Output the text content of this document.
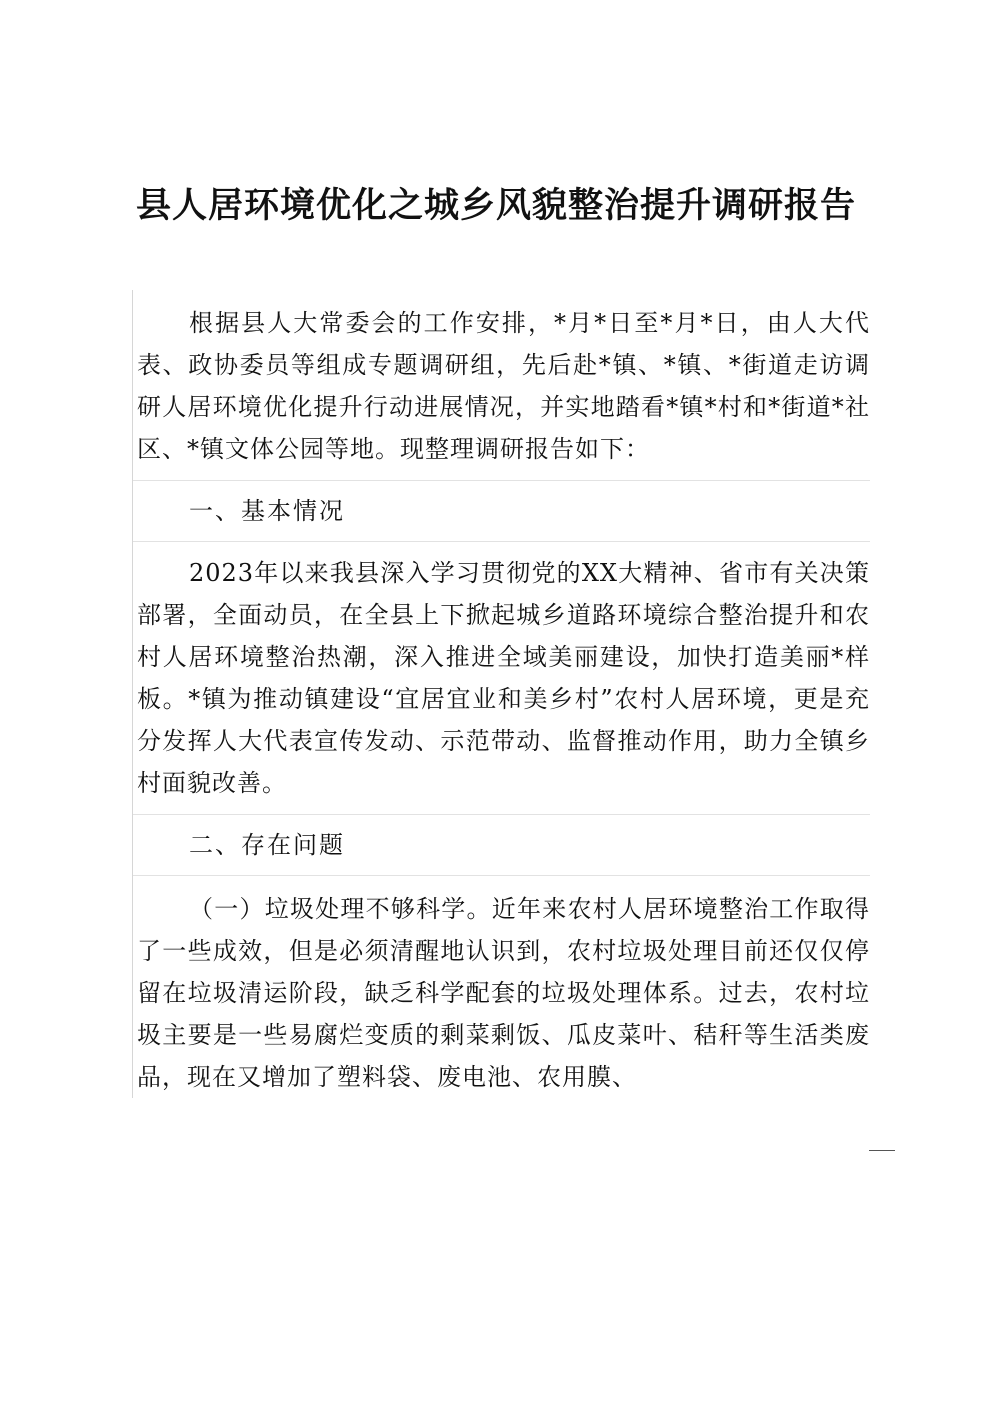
县人居环境优化之城乡风貌整治提升调研报告

根据县人大常委会的工作安排，*月*日至*月*日，由人大代表、政协委员等组成专题调研组，先后赴*镇、*镇、*街道走访调研人居环境优化提升行动进展情况，并实地踏看*镇*村和*街道*社区、*镇文体公园等地。现整理调研报告如下：

一、基本情况

2023年以来我县深入学习贯彻党的XX大精神、省市有关决策部署，全面动员，在全县上下掀起城乡道路环境综合整治提升和农村人居环境整治热潮，深入推进全域美丽建设，加快打造美丽*样板。*镇为推动镇建设“宜居宜业和美乡村”农村人居环境，更是充分发挥人大代表宣传发动、示范带动、监督推动作用，助力全镇乡村面貌改善。

二、存在问题

（一）垃圾处理不够科学。近年来农村人居环境整治工作取得了一些成效，但是必须清醒地认识到，农村垃圾处理目前还仅仅停留在垃圾清运阶段，缺乏科学配套的垃圾处理体系。过去，农村垃圾主要是一些易腐烂变质的剩菜剩饭、瓜皮菜叶、秸秆等生活类废品，现在又增加了塑料袋、废电池、农用膜、
